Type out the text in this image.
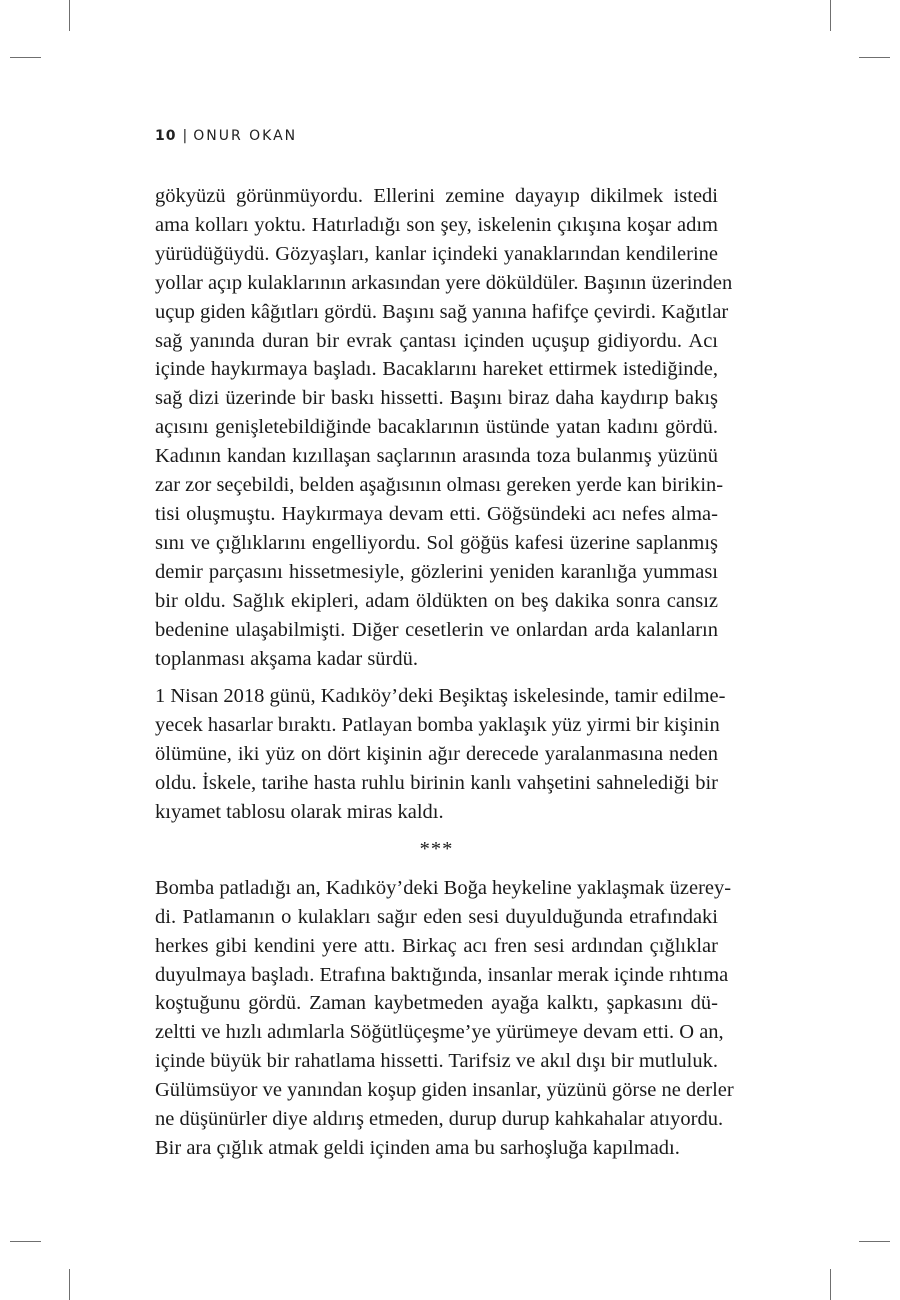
10 | ONUR OKAN
gökyüzü görünmüyordu. Ellerini zemine dayayıp dikilmek istedi
ama kolları yoktu. Hatırladığı son şey, iskelenin çıkışına koşar adım
yürüdüğüydü. Gözyaşları, kanlar içindeki yanaklarından kendilerine
yollar açıp kulaklarının arkasından yere döküldüler. Başının üzerinden
uçup giden kâğıtları gördü. Başını sağ yanına hafifçe çevirdi. Kağıtlar
sağ yanında duran bir evrak çantası içinden uçuşup gidiyordu. Acı
içinde haykırmaya başladı. Bacaklarını hareket ettirmek istediğinde,
sağ dizi üzerinde bir baskı hissetti. Başını biraz daha kaydırıp bakış
açısını genişletebildiğinde bacaklarının üstünde yatan kadını gördü.
Kadının kandan kızıllaşan saçlarının arasında toza bulanmış yüzünü
zar zor seçebildi, belden aşağısının olması gereken yerde kan birikin-
tisi oluşmuştu. Haykırmaya devam etti. Göğsündeki acı nefes alma-
sını ve çığlıklarını engelliyordu. Sol göğüs kafesi üzerine saplanmış
demir parçasını hissetmesiyle, gözlerini yeniden karanlığa yumması
bir oldu. Sağlık ekipleri, adam öldükten on beş dakika sonra cansız
bedenine ulaşabilmişti. Diğer cesetlerin ve onlardan arda kalanların
toplanması akşama kadar sürdü.
1 Nisan 2018 günü, Kadıköy’deki Beşiktaş iskelesinde, tamir edilme-
yecek hasarlar bıraktı. Patlayan bomba yaklaşık yüz yirmi bir kişinin
ölümüne, iki yüz on dört kişinin ağır derecede yaralanmasına neden
oldu. İskele, tarihe hasta ruhlu birinin kanlı vahşetini sahnelediği bir
kıyamet tablosu olarak miras kaldı.
***
Bomba patladığı an, Kadıköy’deki Boğa heykeline yaklaşmak üzerey-
di. Patlamanın o kulakları sağır eden sesi duyulduğunda etrafındaki
herkes gibi kendini yere attı. Birkaç acı fren sesi ardından çığlıklar
duyulmaya başladı. Etrafına baktığında, insanlar merak içinde rıhtıma
koştuğunu gördü. Zaman kaybetmeden ayağa kalktı, şapkasını dü-
zeltti ve hızlı adımlarla Söğütlüçeşme’ye yürümeye devam etti. O an,
içinde büyük bir rahatlama hissetti. Tarifsiz ve akıl dışı bir mutluluk.
Gülümsüyor ve yanından koşup giden insanlar, yüzünü görse ne derler
ne düşünürler diye aldırış etmeden, durup durup kahkahalar atıyordu.
Bir ara çığlık atmak geldi içinden ama bu sarhoşluğa kapılmadı.
